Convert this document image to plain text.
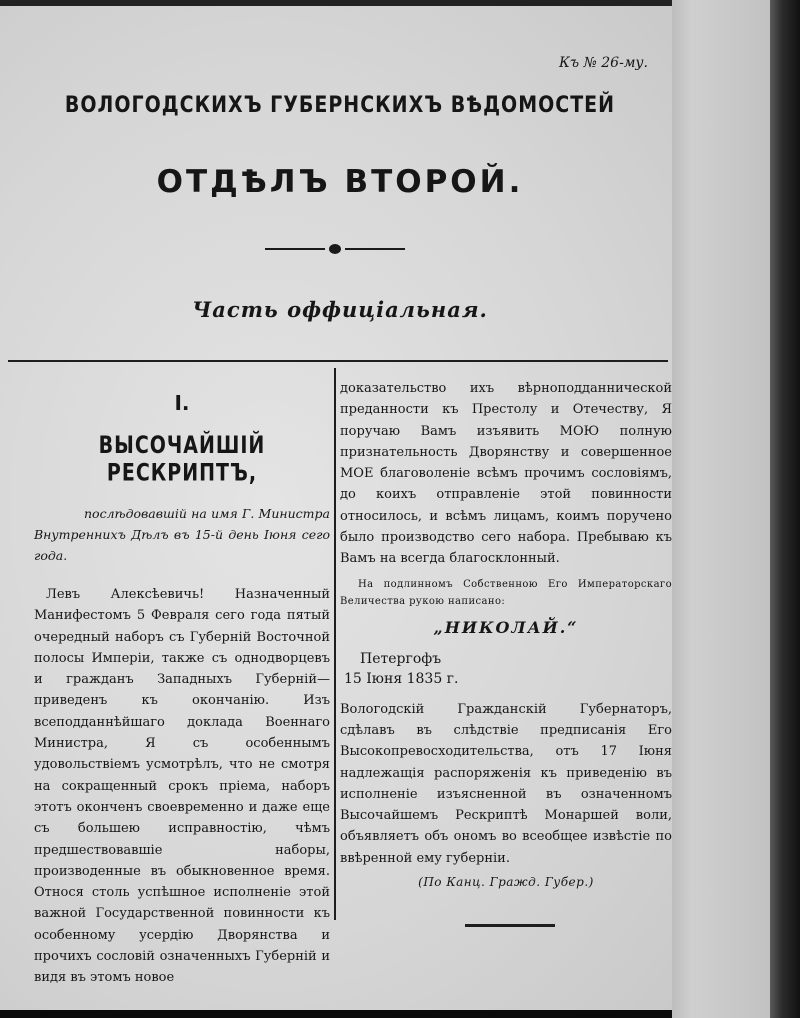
Къ № 26-му.
ВОЛОГОДСКИХЪ ГУБЕРНСКИХЪ ВѢДОМОСТЕЙ
ОТДѢЛЪ ВТОРОЙ.
Часть оффиціальная.
I.
ВЫСОЧАЙШІЙ РЕСКРИПТЪ,

послѣдовавшій на имя Г. Министра Внутреннихъ Дѣлъ въ 15-й день Іюня сего года.

Левъ Алексѣевичь! Назначенный Манифестомъ 5 Февраля сего года пятый очередный наборъ съ Губерній Восточной полосы Имперіи, также съ однодворцевъ и гражданъ Западныхъ Губерній—приведенъ къ окончанію. Изъ всеподданнѣйшаго доклада Военнаго Министра, Я съ особеннымъ удовольствіемъ усмотрѣлъ, что не смотря на сокращенный срокъ пріема, наборъ этотъ оконченъ своевременно и даже еще съ большею исправностію, чѣмъ предшествовавшіе наборы, производенные въ обыкновенное время. Относя столь успѣшное исполненіе этой важной Государственной повинности къ особенному усердію Дворянства и прочихъ сословій означенныхъ Губерній и видя въ этомъ новое

доказательство ихъ вѣрноподданнической преданности къ Престолу и Отечеству, Я поручаю Вамъ изъявить МОЮ полную признательность Дворянству и совершенное МОЕ благоволеніе всѣмъ прочимъ сословіямъ, до коихъ отправленіе этой повинности относилось, и всѣмъ лицамъ, коимъ поручено было производство сего набора. Пребываю къ Вамъ на всегда благосклонный.

На подлинномъ Собственною Его Императорскаго Величества рукою написано:

„НИКОЛАЙ.“
Петергофъ
15 Іюня 1835 г.

Вологодскій Гражданскій Губернаторъ, сдѣлавъ въ слѣдствіе предписанія Его Высокопревосходительства, отъ 17 Іюня надлежащія распоряженія къ приведенію въ исполненіе изъясненной въ означенномъ Высочайшемъ Рескриптѣ Монаршей воли, объявляетъ объ ономъ во всеобщее извѣстіе по ввѣренной ему губерніи.

(По Канц. Гражд. Губер.)
